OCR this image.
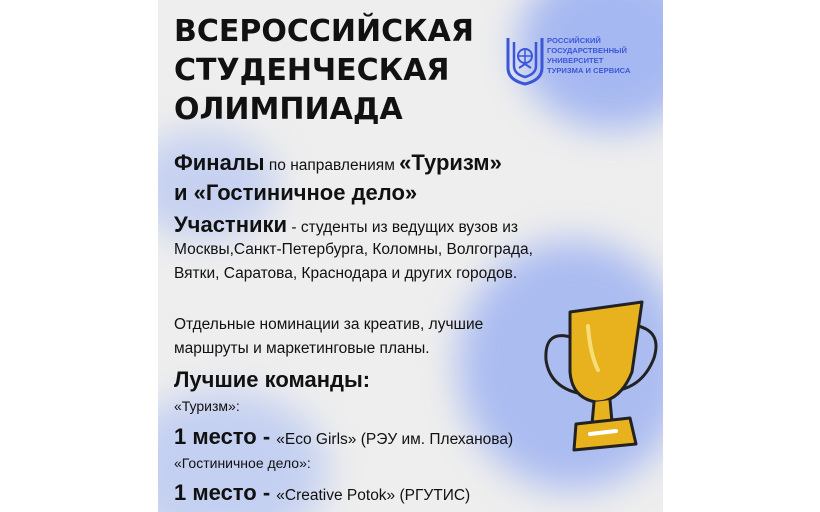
ВСЕРОССИЙСКАЯ
СТУДЕНЧЕСКАЯ
ОЛИМПИАДА
РОССИЙСКИЙ
ГОСУДАРСТВЕННЫЙ
УНИВЕРСИТЕТ
ТУРИЗМА И СЕРВИСА
Финалы по направлениям «Туризм»
и «Гостиничное дело»
Участники - студенты из ведущих вузов из
Москвы,Санкт-Петербурга, Коломны, Волгограда,
Вятки, Саратова, Краснодара и других городов.
Отдельные номинации за креатив, лучшие
маршруты и маркетинговые планы.
Лучшие команды:
«Туризм»:
1 место - «Eco Girls» (РЭУ им. Плеханова)
«Гостиничное дело»:
1 место - «Creative Potok» (РГУТИС)
